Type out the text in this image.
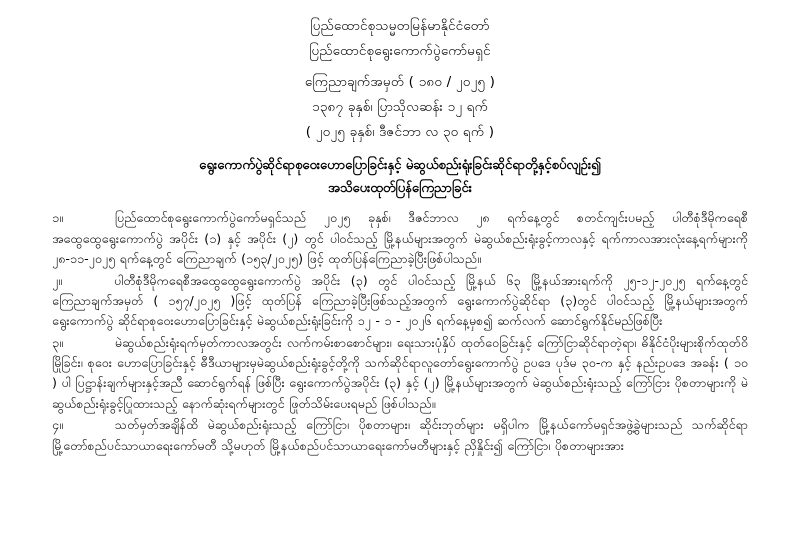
ပြည်ထောင်စုသမ္မတမြန်မာနိုင်ငံတော်
ပြည်ထောင်စုရွေးကောက်ပွဲကော်မရှင်
ကြေညာချက်အမှတ် ( ၁၈၀ / ၂၀၂၅ )
၁၃၈၇ ခုနှစ်၊ ပြာသိုလဆန်း ၁၂ ရက်
( ၂၀၂၅ ခုနှစ်၊ ဒီဇင်ဘာ လ ၃၀ ရက် )
ရွေးကောက်ပွဲဆိုင်ရာစုဝေးဟောပြောခြင်းနှင့် မဲဆွယ်စည်းရုံးခြင်းဆိုင်ရာတို့နှင့်စပ်လျဉ်း၍
အသိပေးထုတ်ပြန်ကြေညာခြင်း

၁။	ပြည်ထောင်စုရွေးကောက်ပွဲကော်မရှင်သည် ၂၀၂၅ ခုနှစ်၊ ဒီဇင်ဘာလ ၂၈ ရက်နေ့တွင် စတင်ကျင်းပမည့် ပါတီစုံဒီမိုကရေစီအထွေထွေရွေးကောက်ပွဲ အပိုင်း (၁) နှင့် အပိုင်း (၂) တွင် ပါဝင်သည့် မြို့နယ်များအတွက် မဲဆွယ်စည်းရုံးခွင့်ကာလနှင့် ရက်ကာလအားလုံးနေ့ရက်များကို ၂၈-၁၁-၂၀၂၅ ရက်နေ့တွင် ကြေညာချက် (၁၅၃/၂၀၂၅) ဖြင့် ထုတ်ပြန်ကြေညာခဲ့ပြီးဖြစ်ပါသည်။

၂။	ပါတီစုံဒီမိုကရေစီအထွေထွေရွေးကောက်ပွဲ အပိုင်း (၃) တွင် ပါဝင်သည့် မြို့နယ် ၆၃ မြို့နယ်အားရက်ကို ၂၅-၁၂-၂၀၂၅ ရက်နေ့တွင် ကြေညာချက်အမှတ် ( ၁၅၇/၂၀၂၅ )ဖြင့် ထုတ်ပြန် ကြေညာခဲ့ပြီးဖြစ်သည့်အတွက် ရွေးကောက်ပွဲဆိုင်ရာ (၃)တွင် ပါဝင်သည့် မြို့နယ်များအတွက် ရွေးကောက်ပွဲ ဆိုင်ရာစုဝေးဟောပြောခြင်းနှင့် မဲဆွယ်စည်းရုံးခြင်းကို ၁၂ - ၁ - ၂၀၂၆ ရက်နေ့မှစ၍ ဆက်လက် ဆောင်ရွက်နိုင်မည်ဖြစ်ပြီး

၃။	မဲဆွယ်စည်းရုံးရက်မှတ်ကာလအတွင်း လက်ကမ်းစာစောင်များ၊ ရေးသားပုံနှိပ် ထုတ်ဝေခြင်းနှင့် ကြော်ငြာဆိုင်ရာတဲ့ရာ၊ ဓိနိုင်ငံပိုးများစိုက်ထုတ်ဝိမြိုခြင်း၊ စုဝေး ဟောပြောခြင်းနှင့် ဓီဒီယာများမှမဲဆွယ်စည်းရုံးခွင့်တို့ကို သက်ဆိုင်ရာလူတော်ရွေးကောက်ပွဲ ဥပဒေ ပုဒ်မ ၃၀-က နှင့် နည်းဥပဒေ အခန်း ( ၁၀ ) ပါ ပြဋ္ဌာန်းချက်များနှင့်အညီ ဆောင်ရွက်ရန် ဖြစ်ပြီး ရွေးကောက်ပွဲအပိုင်း (၃) နှင့် (၂) မြို့နယ်များအတွက် မဲဆွယ်စည်းရုံးသည့် ကြော်ငြား ပိုစတာများကို မဲဆွယ်စည်းရုံးခွင့်ပြုထားသည့် နောက်ဆုံးရက်များတွင် ဖြုတ်သိမ်းပေးရမည် ဖြစ်ပါသည်။

၄။	သတ်မှတ်အချိန်ထိ မဲဆွယ်စည်းရုံးသည့် ကြော်ငြာ၊ ပိုစတာများ၊ ဆိုင်းဘုတ်များ မရှိပါက မြို့နယ်ကော်မရှင်အဖွဲ့ခွဲများသည် သက်ဆိုင်ရာ မြို့တော်စည်ပင်သာယာရေးကော်မတီ သို့မဟုတ် မြို့နယ်စည်ပင်သာယာရေးကော်မတီများနှင့် ညှိနှိုင်း၍ ကြော်ငြာ၊ ပိုစတာများအား
